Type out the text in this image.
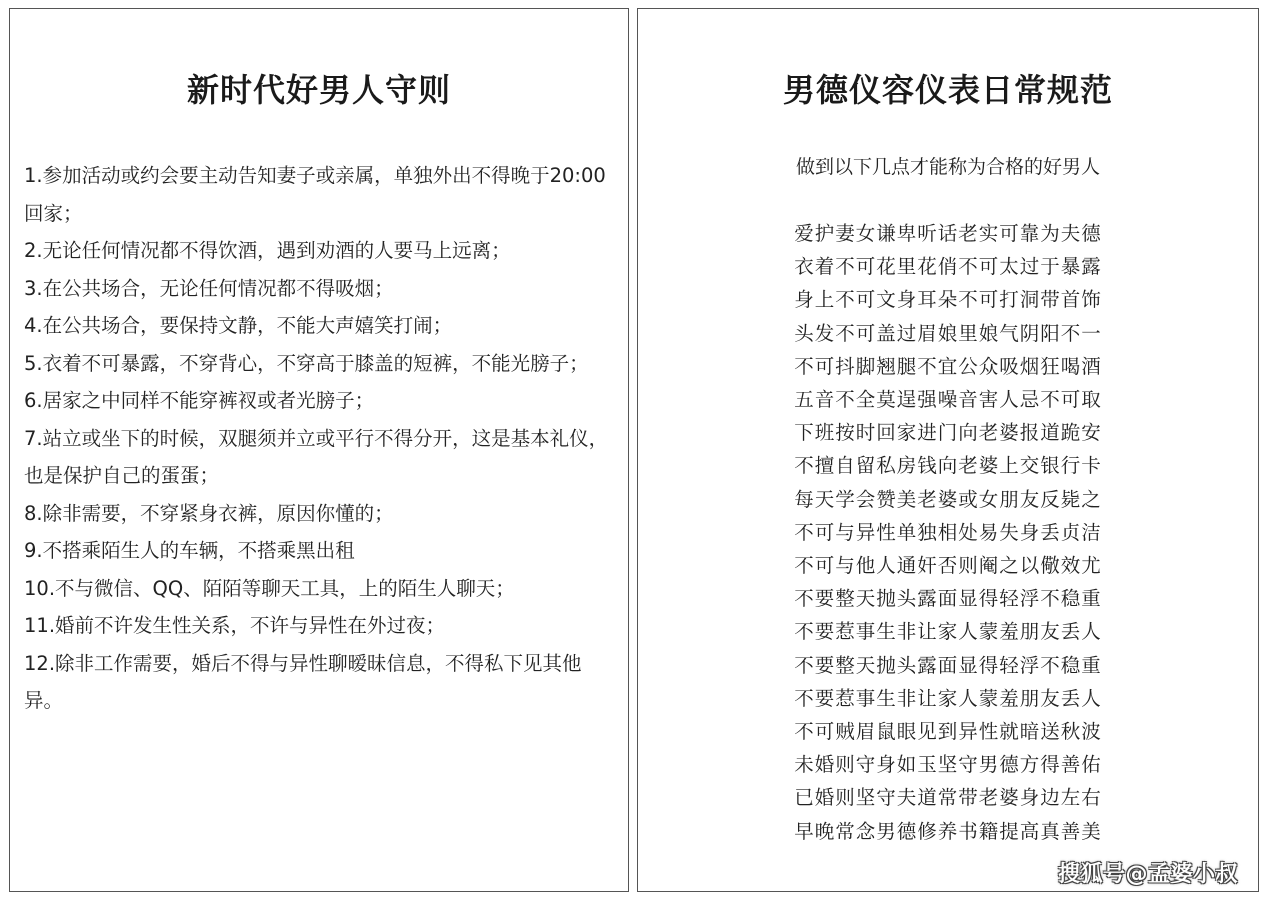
新时代好男人守则
1.参加活动或约会要主动告知妻子或亲属，单独外出不得晚于20:00回家；
2.无论任何情况都不得饮酒，遇到劝酒的人要马上远离；
3.在公共场合，无论任何情况都不得吸烟；
4.在公共场合，要保持文静，不能大声嬉笑打闹；
5.衣着不可暴露，不穿背心，不穿高于膝盖的短裤，不能光膀子；
6.居家之中同样不能穿裤衩或者光膀子；
7.站立或坐下的时候，双腿须并立或平行不得分开，这是基本礼仪，也是保护自己的蛋蛋；
8.除非需要，不穿紧身衣裤，原因你懂的；
9.不搭乘陌生人的车辆，不搭乘黑出租
10.不与微信、QQ、陌陌等聊天工具，上的陌生人聊天；
11.婚前不许发生性关系，不许与异性在外过夜；
12.除非工作需要，婚后不得与异性聊暧昧信息，不得私下见其他异。
男德仪容仪表日常规范
做到以下几点才能称为合格的好男人
爱护妻女谦卑听话老实可靠为夫德
衣着不可花里花俏不可太过于暴露
身上不可文身耳朵不可打洞带首饰
头发不可盖过眉娘里娘气阴阳不一
不可抖脚翘腿不宜公众吸烟狂喝酒
五音不全莫逞强噪音害人忌不可取
下班按时回家进门向老婆报道跪安
不擅自留私房钱向老婆上交银行卡
每天学会赞美老婆或女朋友反毙之
不可与异性单独相处易失身丢贞洁
不可与他人通奸否则阉之以儆效尤
不要整天抛头露面显得轻浮不稳重
不要惹事生非让家人蒙羞朋友丢人
不要整天抛头露面显得轻浮不稳重
不要惹事生非让家人蒙羞朋友丢人
不可贼眉鼠眼见到异性就暗送秋波
未婚则守身如玉坚守男德方得善佑
已婚则坚守夫道常带老婆身边左右
早晚常念男德修养书籍提高真善美
搜狐号@孟婆小叔
